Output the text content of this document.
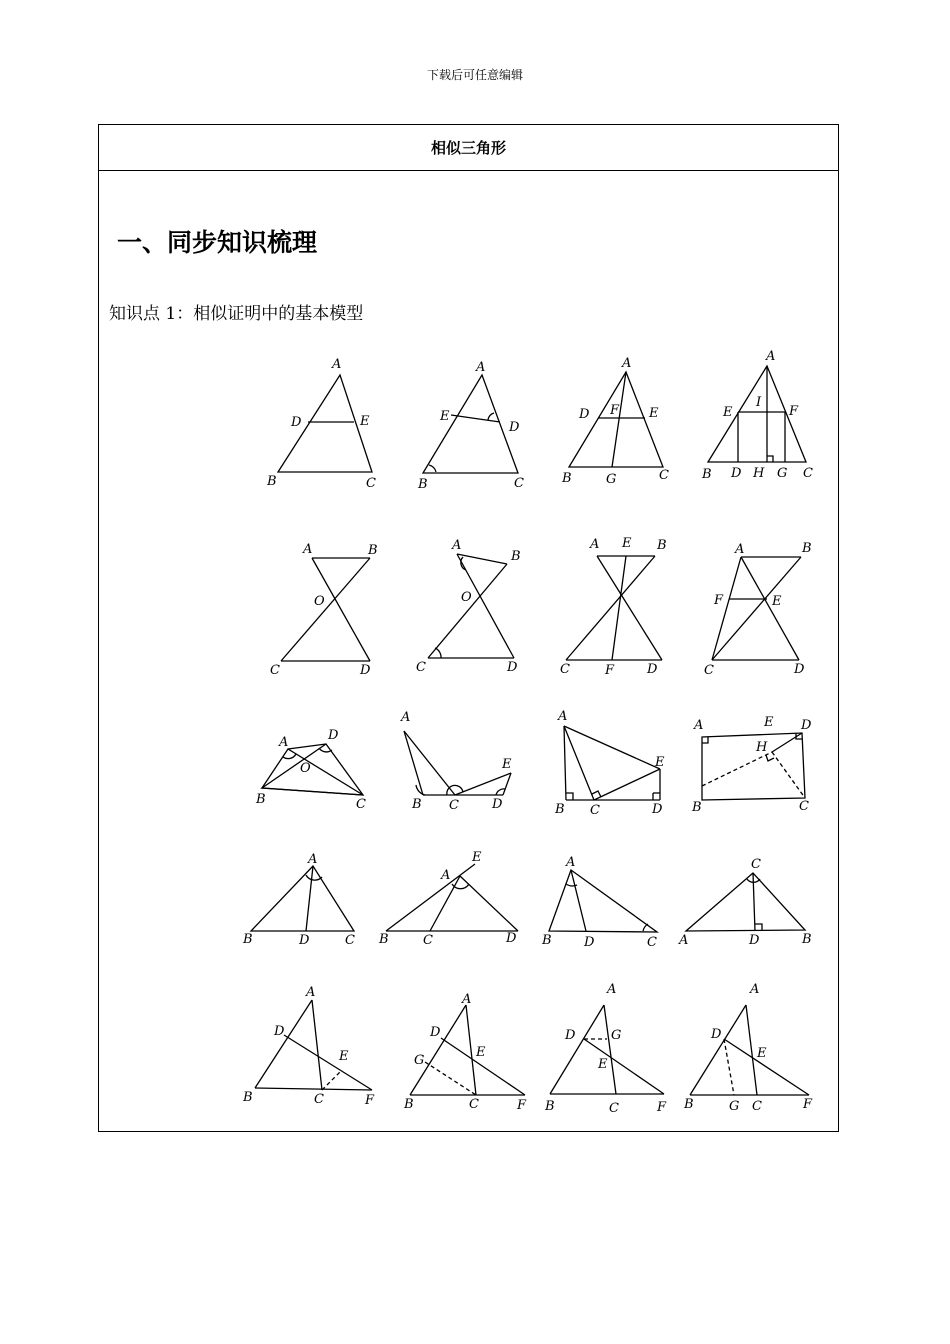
下载后可任意编辑
相似三角形
一、同步知识梳理
知识点 1：相似证明中的基本模型
A
D	E
B	C
A
E
D
B	C
A
D F E
B	G	C
A
E
I
F
B D H G C
A	B
O
C	D
A
B
O
C	D
A E B
C	F	D
A	B
F	E
C	D
A	D
O
B	C
A
E
B C	D
A
E
B C	D
A	E D
H
B	C
A
B	D	C
E
A
B	C	D
A
B D	C
C
A	D	B
A
D
E
B	C	F
A
D
E
G
B	C	F
A
D	G
E
B	C	F
A
D
E
B	G C	F
